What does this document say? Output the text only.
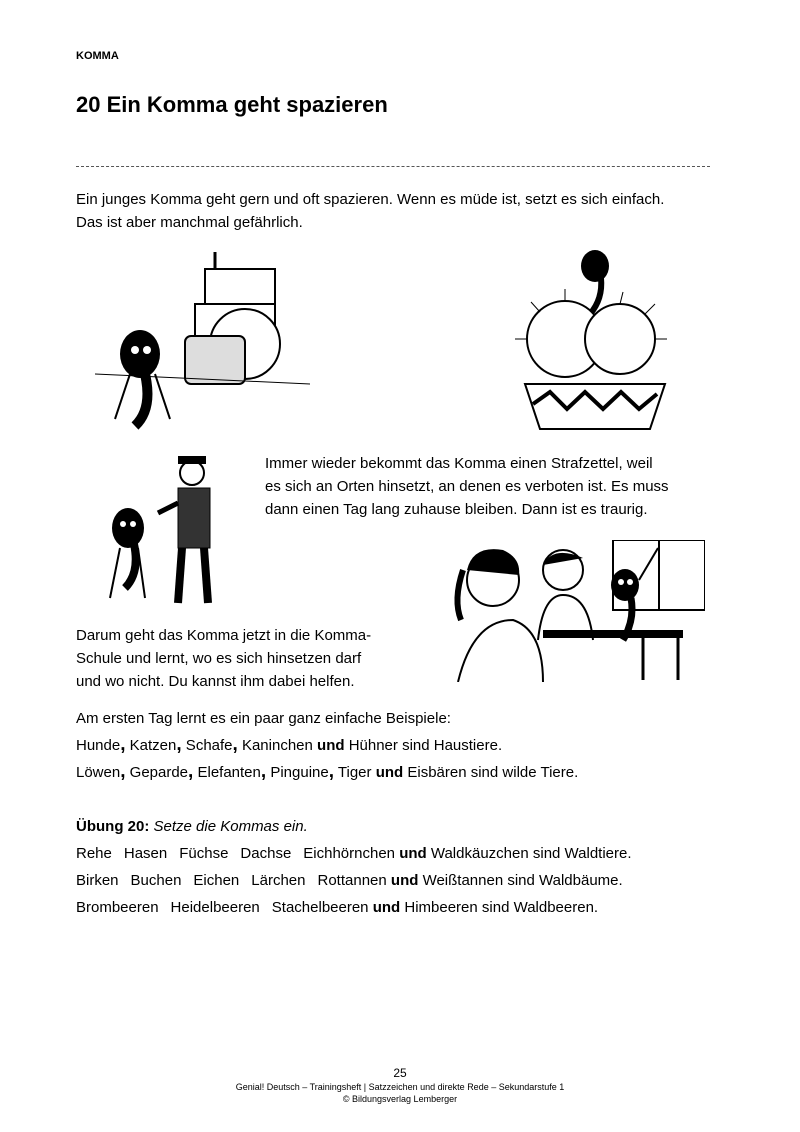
KOMMA
20 Ein Komma geht spazieren
Ein junges Komma geht gern und oft spazieren. Wenn es müde ist, setzt es sich einfach.
Das ist aber manchmal gefährlich.
Immer wieder bekommt das Komma einen Strafzettel, weil
es sich an Orten hinsetzt, an denen es verboten ist. Es muss
dann einen Tag lang zuhause bleiben. Dann ist es traurig.
Darum geht das Komma jetzt in die Komma-
Schule und lernt, wo es sich hinsetzen darf
und wo nicht. Du kannst ihm dabei helfen.
Am ersten Tag lernt es ein paar ganz einfache Beispiele:
Hunde, Katzen, Schafe, Kaninchen und Hühner sind Haustiere.
Löwen, Geparde, Elefanten, Pinguine, Tiger und Eisbären sind wilde Tiere.
Übung 20: Setze die Kommas ein.
Rehe Hasen Füchse Dachse Eichhörnchen und Waldkäuzchen sind Waldtiere.
Birken Buchen Eichen Lärchen Rottannen und Weißtannen sind Waldbäume.
Brombeeren Heidelbeeren Stachelbeeren und Himbeeren sind Waldbeeren.
25
Genial! Deutsch – Trainingsheft | Satzzeichen und direkte Rede – Sekundarstufe 1
© Bildungsverlag Lemberger
